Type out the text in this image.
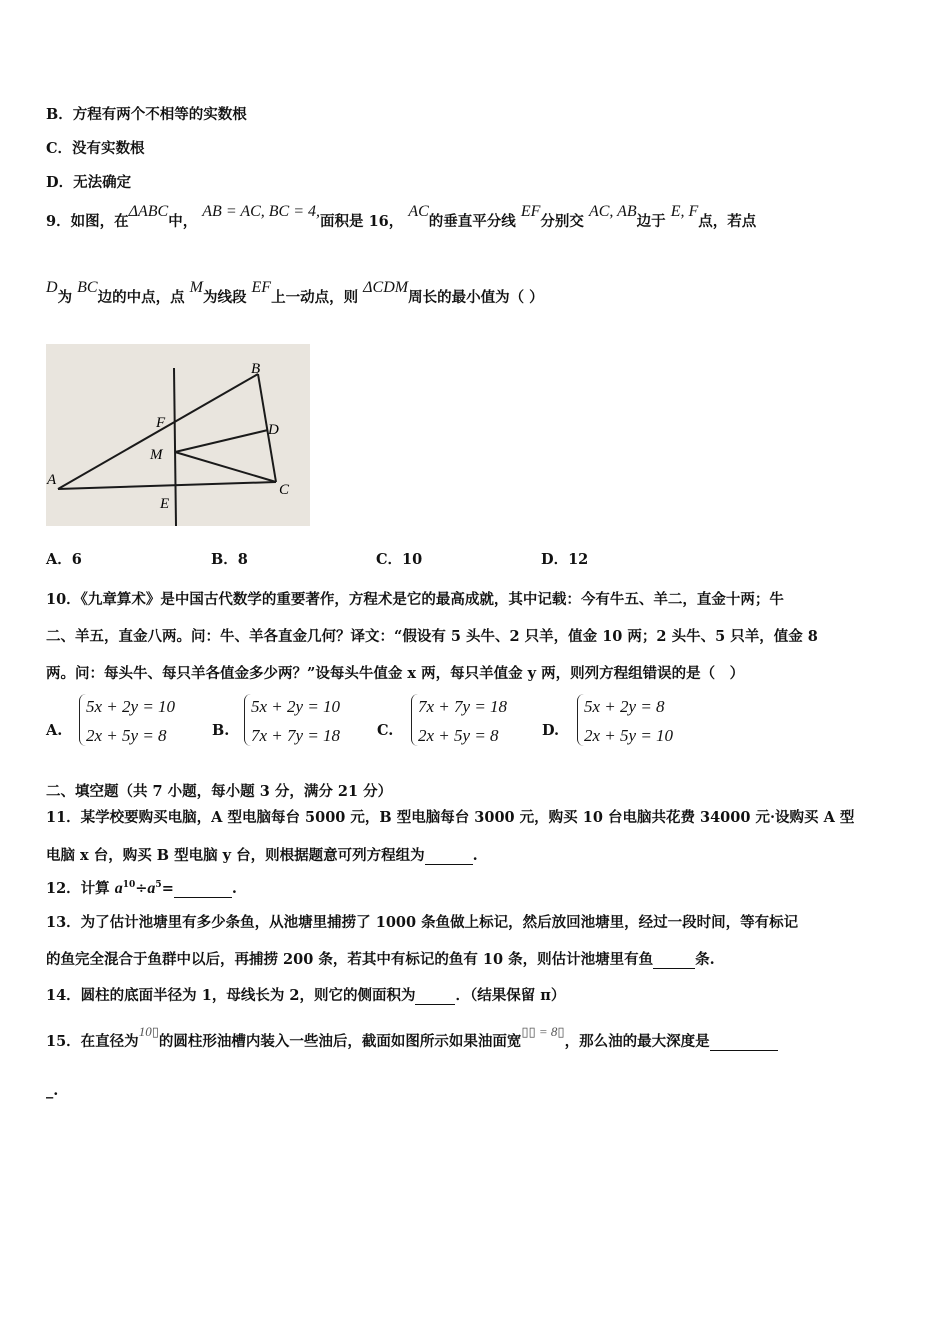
B．方程有两个不相等的实数根
C．没有实数根
D．无法确定
9．如图，在ΔABC中， AB = AC, BC = 4,面积是 16， AC的垂直平分线 EF分别交 AC, AB边于 E, F点，若点
D为 BC边的中点，点 M为线段 EF上一动点，则 ΔCDM周长的最小值为（ ）
A
B
C
D
E
F
M
A．6	B．8	C．10	D．12
10．《九章算术》是中国古代数学的重要著作，方程术是它的最高成就，其中记载：今有牛五、羊二，直金十两；牛
二、羊五，直金八两。问：牛、羊各直金几何？译文：“假设有 5 头牛、2 只羊，值金 10 两；2 头牛、5 只羊，值金 8
两。问：每头牛、每只羊各值金多少两？”设每头牛值金 x 两，每只羊值金 y 两，则列方程组错误的是（　）
A.
5x + 2y = 10
2x + 5y = 8	B.
5x + 2y = 10
7x + 7y = 18	C.
7x + 7y = 18
2x + 5y = 8	D.
5x + 2y = 8
2x + 5y = 10
二、填空题（共 7 小题，每小题 3 分，满分 21 分）
11．某学校要购买电脑，A 型电脑每台 5000 元，B 型电脑每台 3000 元，购买 10 台电脑共花费 34000 元·设购买 A 型
电脑 x 台，购买 B 型电脑 y 台，则根据题意可列方程组为	.
12．计算 $a^{10}\div a^5=$	.
13．为了估计池塘里有多少条鱼，从池塘里捕捞了 1000 条鱼做上标记，然后放回池塘里，经过一段时间，等有标记
的鱼完全混合于鱼群中以后，再捕捞 200 条，若其中有标记的鱼有 10 条，则估计池塘里有鱼	条.
14．圆柱的底面半径为 1，母线长为 2，则它的侧面积为	．（结果保留 π）
15．在直径为10▯的圆柱形油槽内装入一些油后，截面如图所示如果油面宽▯▯ = 8▯，那么油的最大深度是
_.
